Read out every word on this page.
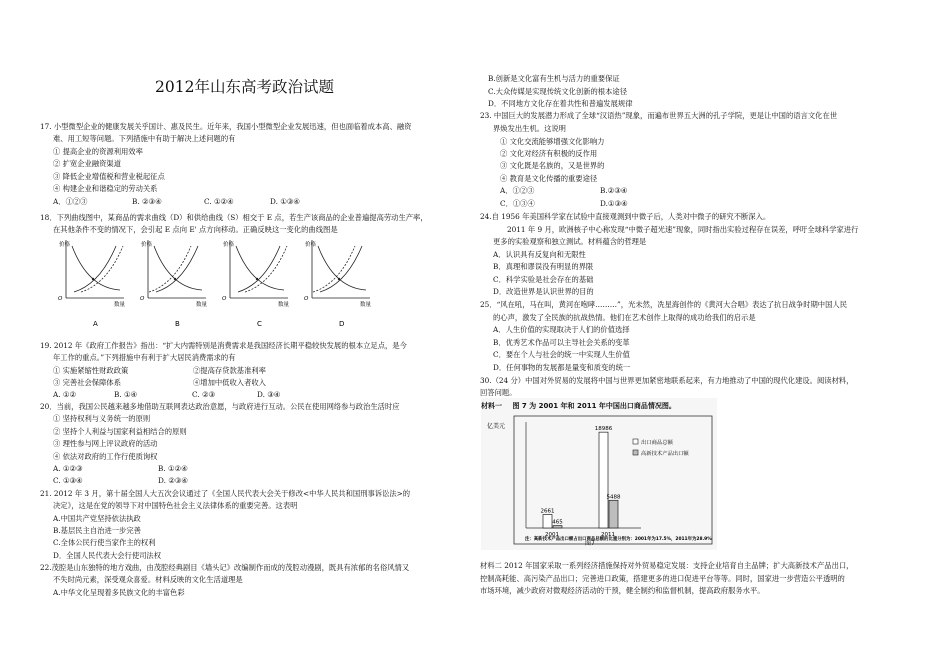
2012年山东高考政治试题
17. 小型微型企业的健康发展关乎国计、惠及民生。近年来，我国小型微型企业发展迅速，但也面临着成本高、融资
难、用工短等问题。下列措施中有助于解决上述问题的有
① 提高企业的资源利用效率
② 扩宽企业融资渠道
③ 降低企业增值税和营业税起征点
④ 构建企业和谐稳定的劳动关系
A．①②③	B. ②③④	C. ①②④	D. ①③④
18．下列曲线图中，某商品的需求曲线（D）和供给曲线（S）相交于 E 点，若生产该商品的企业普遍提高劳动生产率，
在其他条件不变的情况下，会引起 E 点向 E' 点方向移动。正确反映这一变化的曲线图是
价格
数量
O
A
价格
数量
O
B
价格
数量
O
C
价格
数量
O
D
19. 2012 年《政府工作报告》指出：“扩大内需特别是消费需求是我国经济长期平稳较快发展的根本立足点，是今
年工作的重点。”下列措施中有利于扩大居民消费需求的有
① 实施紧缩性财政政策	②提高存贷款基准利率
③ 完善社会保障体系	④增加中低收入者收入
A. ①②	B. ①④	C. ②③	D. ③④
20．当前，我国公民越来越多地借助互联网表达政治意愿，与政府进行互动。公民在使用网络参与政治生活时应
① 坚持权利与义务统一的原则
② 坚持个人利益与国家利益相结合的原则
③ 理性参与网上评议政府的活动
④ 依法对政府的工作行使质询权
A. ①②③	B. ①②④
C. ①③④	D. ②③④
21. 2012 年 3 月，第十届全国人大五次会议通过了《全国人民代表大会关于修改<中华人民共和国刑事诉讼法>的
决定》，这是在党的领导下对中国特色社会主义法律体系的重要完善。这表明
A.中国共产党坚持依法执政
B.基层民主自治进一步完善
C.全体公民行使当家作主的权利
D．全国人民代表大会行使司法权
22.茂腔是山东独特的地方戏曲，由茂腔经典剧目《墙头记》改编制作而成的茂腔动漫剧，既具有浓郁的名俗风情又
不失时尚元素，深受观众喜爱。材料反映的文化生活道理是
A.中华文化呈现着多民族文化的丰富色彩
B.创新是文化富有生机与活力的重要保证
C.大众传媒是实现传统文化创新的根本途径
D．不同地方文化存在着共性和普遍发展规律
23. 中国巨大的发展潜力形成了全球“汉语热”现象，而遍布世界五大洲的孔子学院，更是让中国的语言文化在世
界焕发出生机。这说明
① 文化交流能够增强文化影响力
② 文化对经济有积极的反作用
③ 文化既是名族的，又是世界的
④ 教育是文化传播的重要途径
A．①②③	B.②③④
C．①③④	D.①③④
24.自 1956 年美国科学家在试验中直接观测到中微子后，人类对中微子的研究不断深入。
2011 年 9 月，欧洲核子中心称发现“中微子超光速”现象，同时指出实验过程存在误差，呼吁全球科学家进行
更多的实验观察和独立测试。材料蕴含的哲理是
A．认识具有反复向和无限性
B．真理和谬误没有明显的界限
C．科学实验是社会存在的基础
D．改造世界是认识世界的目的
25．“风在吼，马在叫，黄河在咆哮………”，光未然，冼星海创作的《黄河大合唱》表达了抗日战争时期中国人民
的心声，激发了全民族的抗战热情。他们在艺术创作上取得的成功给我们的启示是
A．人生价值的实现取决于人们的价值选择
B．优秀艺术作品可以主导社会关系的变革
C．要在个人与社会的统一中实现人生价值
D．任何事物的发展都是量变和质变的统一
30.（24 分）中国对外贸易的发展将中国与世界更加紧密地联系起来，有力地推动了中国的现代化建设。阅读材料，
回答问题。
材料二 2012 年国家采取一系列经济措施保持对外贸易稳定发展：支持企业培育自主品牌；扩大高新技术产品出口，
控制高耗能、高污染产品出口；完善进口政策，搭建更多的进口促进平台等等。同时，国家进一步营造公平透明的
市场环境，减少政府对微观经济活动的干预，健全制约和监督机制，提高政府服务水平。
材料一 图 7 为 2001 年和 2011 年中国出口商品情况图。
亿美元
2661
465
2001
18986
5488
2011
出口商品总额
高新技术产品出口额
注：高新技术产品出口额占出口商品总额的比重分别为：2001年为17.5%，2011年为28.9%
图7
